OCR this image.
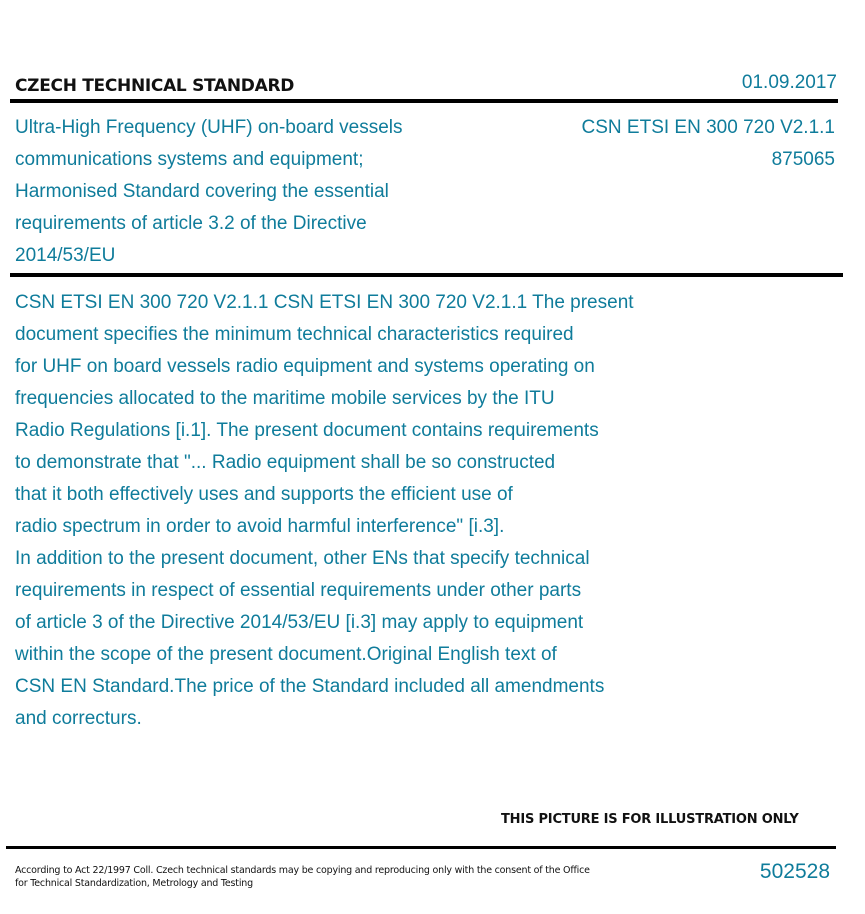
CZECH TECHNICAL STANDARD	01.09.2017
Ultra-High Frequency (UHF) on-board vessels
communications systems and equipment;
Harmonised Standard covering the essential
requirements of article 3.2 of the Directive
2014/53/EU
CSN ETSI EN 300 720 V2.1.1
875065
CSN ETSI EN 300 720 V2.1.1 CSN ETSI EN 300 720 V2.1.1 The present
document specifies the minimum technical characteristics required
for UHF on board vessels radio equipment and systems operating on
frequencies allocated to the maritime mobile services by the ITU
Radio Regulations [i.1]. The present document contains requirements
to demonstrate that "... Radio equipment shall be so constructed
that it both effectively uses and supports the efficient use of
radio spectrum in order to avoid harmful interference" [i.3].
In addition to the present document, other ENs that specify technical
requirements in respect of essential requirements under other parts
of article 3 of the Directive 2014/53/EU [i.3] may apply to equipment
within the scope of the present document.Original English text of
CSN EN Standard.The price of the Standard included all amendments
and correcturs.
THIS PICTURE IS FOR ILLUSTRATION ONLY
According to Act 22/1997 Coll. Czech technical standards may be copying and reproducing only with the consent of the Office
for Technical Standardization, Metrology and Testing
502528
